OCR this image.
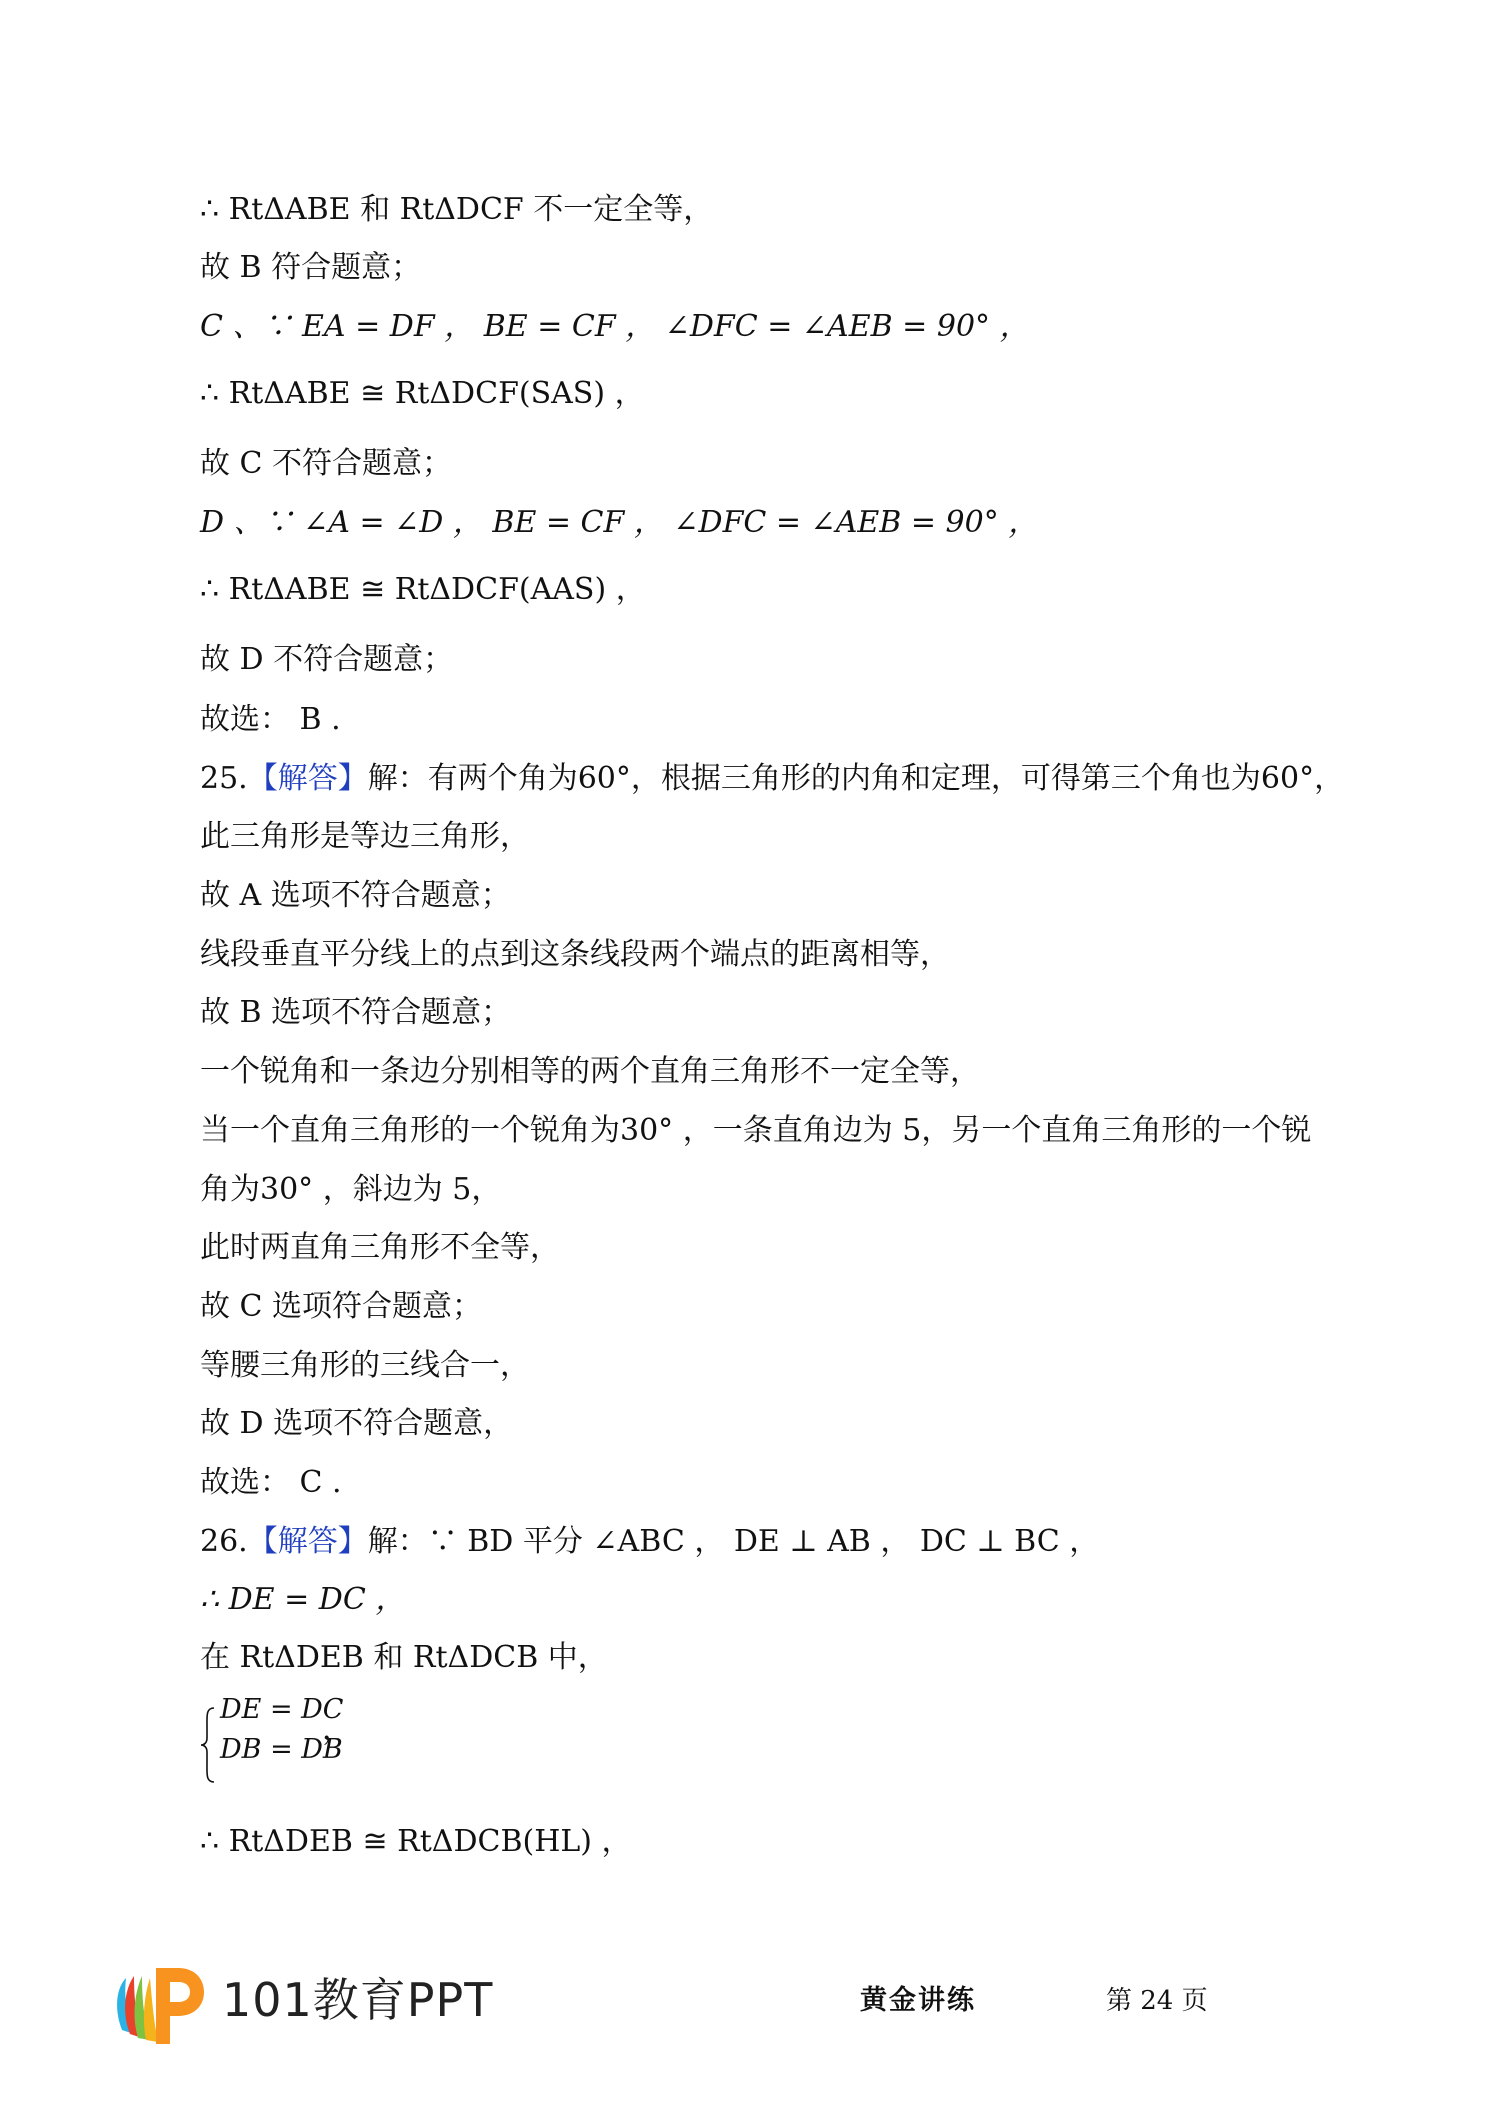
∴ RtΔABE 和 RtΔDCF 不一定全等，
故 B 符合题意；
C 、∵ EA = DF ， BE = CF ， ∠DFC = ∠AEB = 90° ，
∴ RtΔABE ≅ RtΔDCF(SAS) ，
故 C 不符合题意；
D 、∵ ∠A = ∠D ， BE = CF ， ∠DFC = ∠AEB = 90° ，
∴ RtΔABE ≅ RtΔDCF(AAS) ，
故 D 不符合题意；
故选： B .
25.【解答】解：有两个角为60°，根据三角形的内角和定理，可得第三个角也为60°，
此三角形是等边三角形，
故 A 选项不符合题意；
线段垂直平分线上的点到这条线段两个端点的距离相等，
故 B 选项不符合题意；
一个锐角和一条边分别相等的两个直角三角形不一定全等，
当一个直角三角形的一个锐角为30° ，一条直角边为 5，另一个直角三角形的一个锐
角为30° ，斜边为 5，
此时两直角三角形不全等，
故 C 选项符合题意；
等腰三角形的三线合一，
故 D 选项不符合题意，
故选： C .
26.【解答】解：∵ BD 平分 ∠ABC ， DE ⊥ AB ， DC ⊥ BC ，
∴ DE = DC ，
在 RtΔDEB 和 RtΔDCB 中，
DE = DC
DB = DB
，
∴ RtΔDEB ≅ RtΔDCB(HL) ，
101教育PPT	黄金讲练	第 24 页
